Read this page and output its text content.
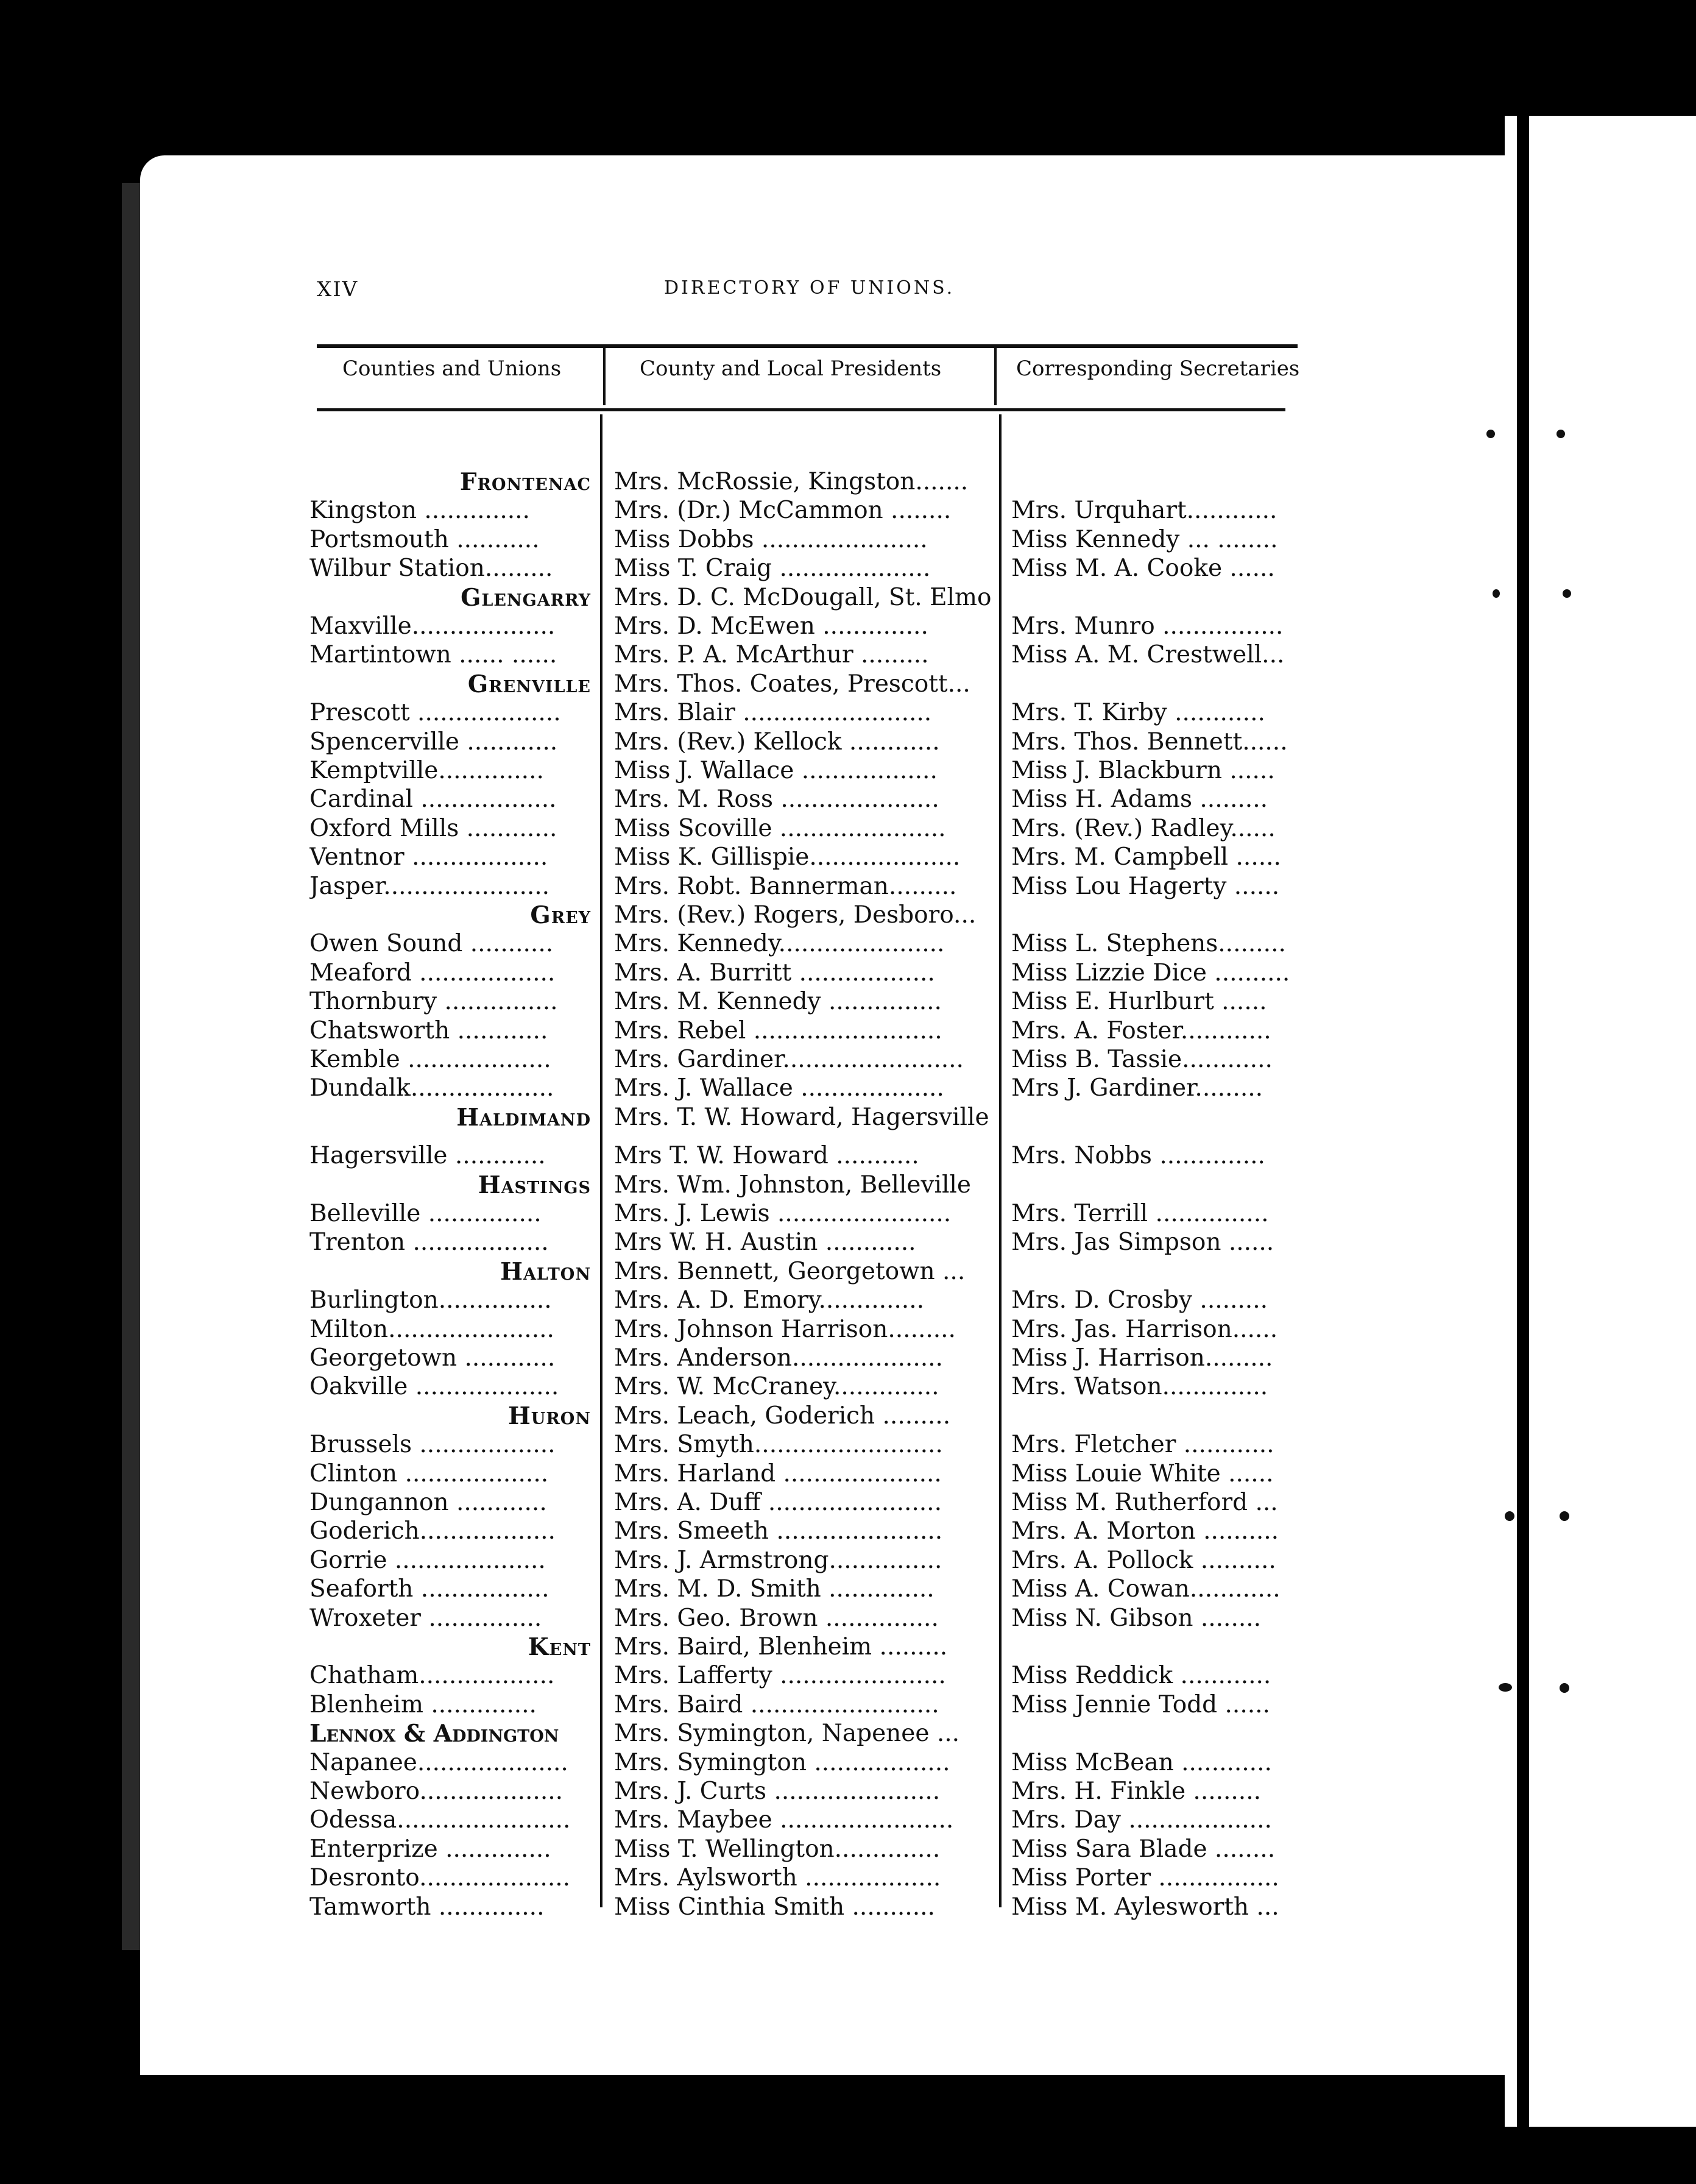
XIV	DIRECTORY OF UNIONS.
Counties and Unions	County and Local Presidents	Corresponding Secretaries
Frontenac Mrs. McRossie, Kingston.......
Kingston ..............	Mrs. (Dr.) McCammon ........	Mrs. Urquhart............
Portsmouth ...........	Miss Dobbs ......................	Miss Kennedy ... ........
Wilbur Station.........	Miss T. Craig ....................	Miss M. A. Cooke ......
Glengarry Mrs. D. C. McDougall, St. Elmo
Maxville...................	Mrs. D. McEwen ..............	Mrs. Munro ................
Martintown ...... ......	Mrs. P. A. McArthur .........	Miss A. M. Crestwell...
Grenville Mrs. Thos. Coates, Prescott...
Prescott ...................	Mrs. Blair .........................	Mrs. T. Kirby ............
Spencerville ............	Mrs. (Rev.) Kellock ............	Mrs. Thos. Bennett......
Kemptville..............	Miss J. Wallace ..................	Miss J. Blackburn ......
Cardinal ..................	Mrs. M. Ross .....................	Miss H. Adams .........
Oxford Mills ............	Miss Scoville ......................	Mrs. (Rev.) Radley......
Ventnor ..................	Miss K. Gillispie....................	Mrs. M. Campbell ......
Jasper......................	Mrs. Robt. Bannerman.........	Miss Lou Hagerty ......
Grey Mrs. (Rev.) Rogers, Desboro...
Owen Sound ...........	Mrs. Kennedy......................	Miss L. Stephens.........
Meaford ..................	Mrs. A. Burritt ..................	Miss Lizzie Dice ..........
Thornbury ...............	Mrs. M. Kennedy ...............	Miss E. Hurlburt ......
Chatsworth ............	Mrs. Rebel .........................	Mrs. A. Foster............
Kemble ...................	Mrs. Gardiner........................	Miss B. Tassie............
Dundalk...................	Mrs. J. Wallace ...................	Mrs J. Gardiner.........
Haldimand Mrs. T. W. Howard, Hagersville
Hagersville ............	Mrs T. W. Howard ...........	Mrs. Nobbs ..............
Hastings Mrs. Wm. Johnston, Belleville
Belleville ...............	Mrs. J. Lewis .......................	Mrs. Terrill ...............
Trenton ..................	Mrs W. H. Austin ............	Mrs. Jas Simpson ......
Halton Mrs. Bennett, Georgetown ...
Burlington...............	Mrs. A. D. Emory..............	Mrs. D. Crosby .........
Milton......................	Mrs. Johnson Harrison.........	Mrs. Jas. Harrison......
Georgetown ............	Mrs. Anderson....................	Miss J. Harrison.........
Oakville ...................	Mrs. W. McCraney..............	Mrs. Watson..............
Huron Mrs. Leach, Goderich .........
Brussels ..................	Mrs. Smyth.........................	Mrs. Fletcher ............
Clinton ...................	Mrs. Harland .....................	Miss Louie White ......
Dungannon ............	Mrs. A. Duff .......................	Miss M. Rutherford ...
Goderich..................	Mrs. Smeeth ......................	Mrs. A. Morton ..........
Gorrie ....................	Mrs. J. Armstrong...............	Mrs. A. Pollock ..........
Seaforth .................	Mrs. M. D. Smith ..............	Miss A. Cowan............
Wroxeter ...............	Mrs. Geo. Brown ...............	Miss N. Gibson ........
Kent Mrs. Baird, Blenheim .........
Chatham..................	Mrs. Lafferty ......................	Miss Reddick ............
Blenheim ..............	Mrs. Baird .........................	Miss Jennie Todd ......
Lennox & Addington	Mrs. Symington, Napenee ...
Napanee....................	Mrs. Symington ..................	Miss McBean ............
Newboro...................	Mrs. J. Curts ......................	Mrs. H. Finkle .........
Odessa.......................	Mrs. Maybee .......................	Mrs. Day ...................
Enterprize ..............	Miss T. Wellington..............	Miss Sara Blade ........
Desronto....................	Mrs. Aylsworth ..................	Miss Porter ................
Tamworth ..............	Miss Cinthia Smith ...........	Miss M. Aylesworth ...
